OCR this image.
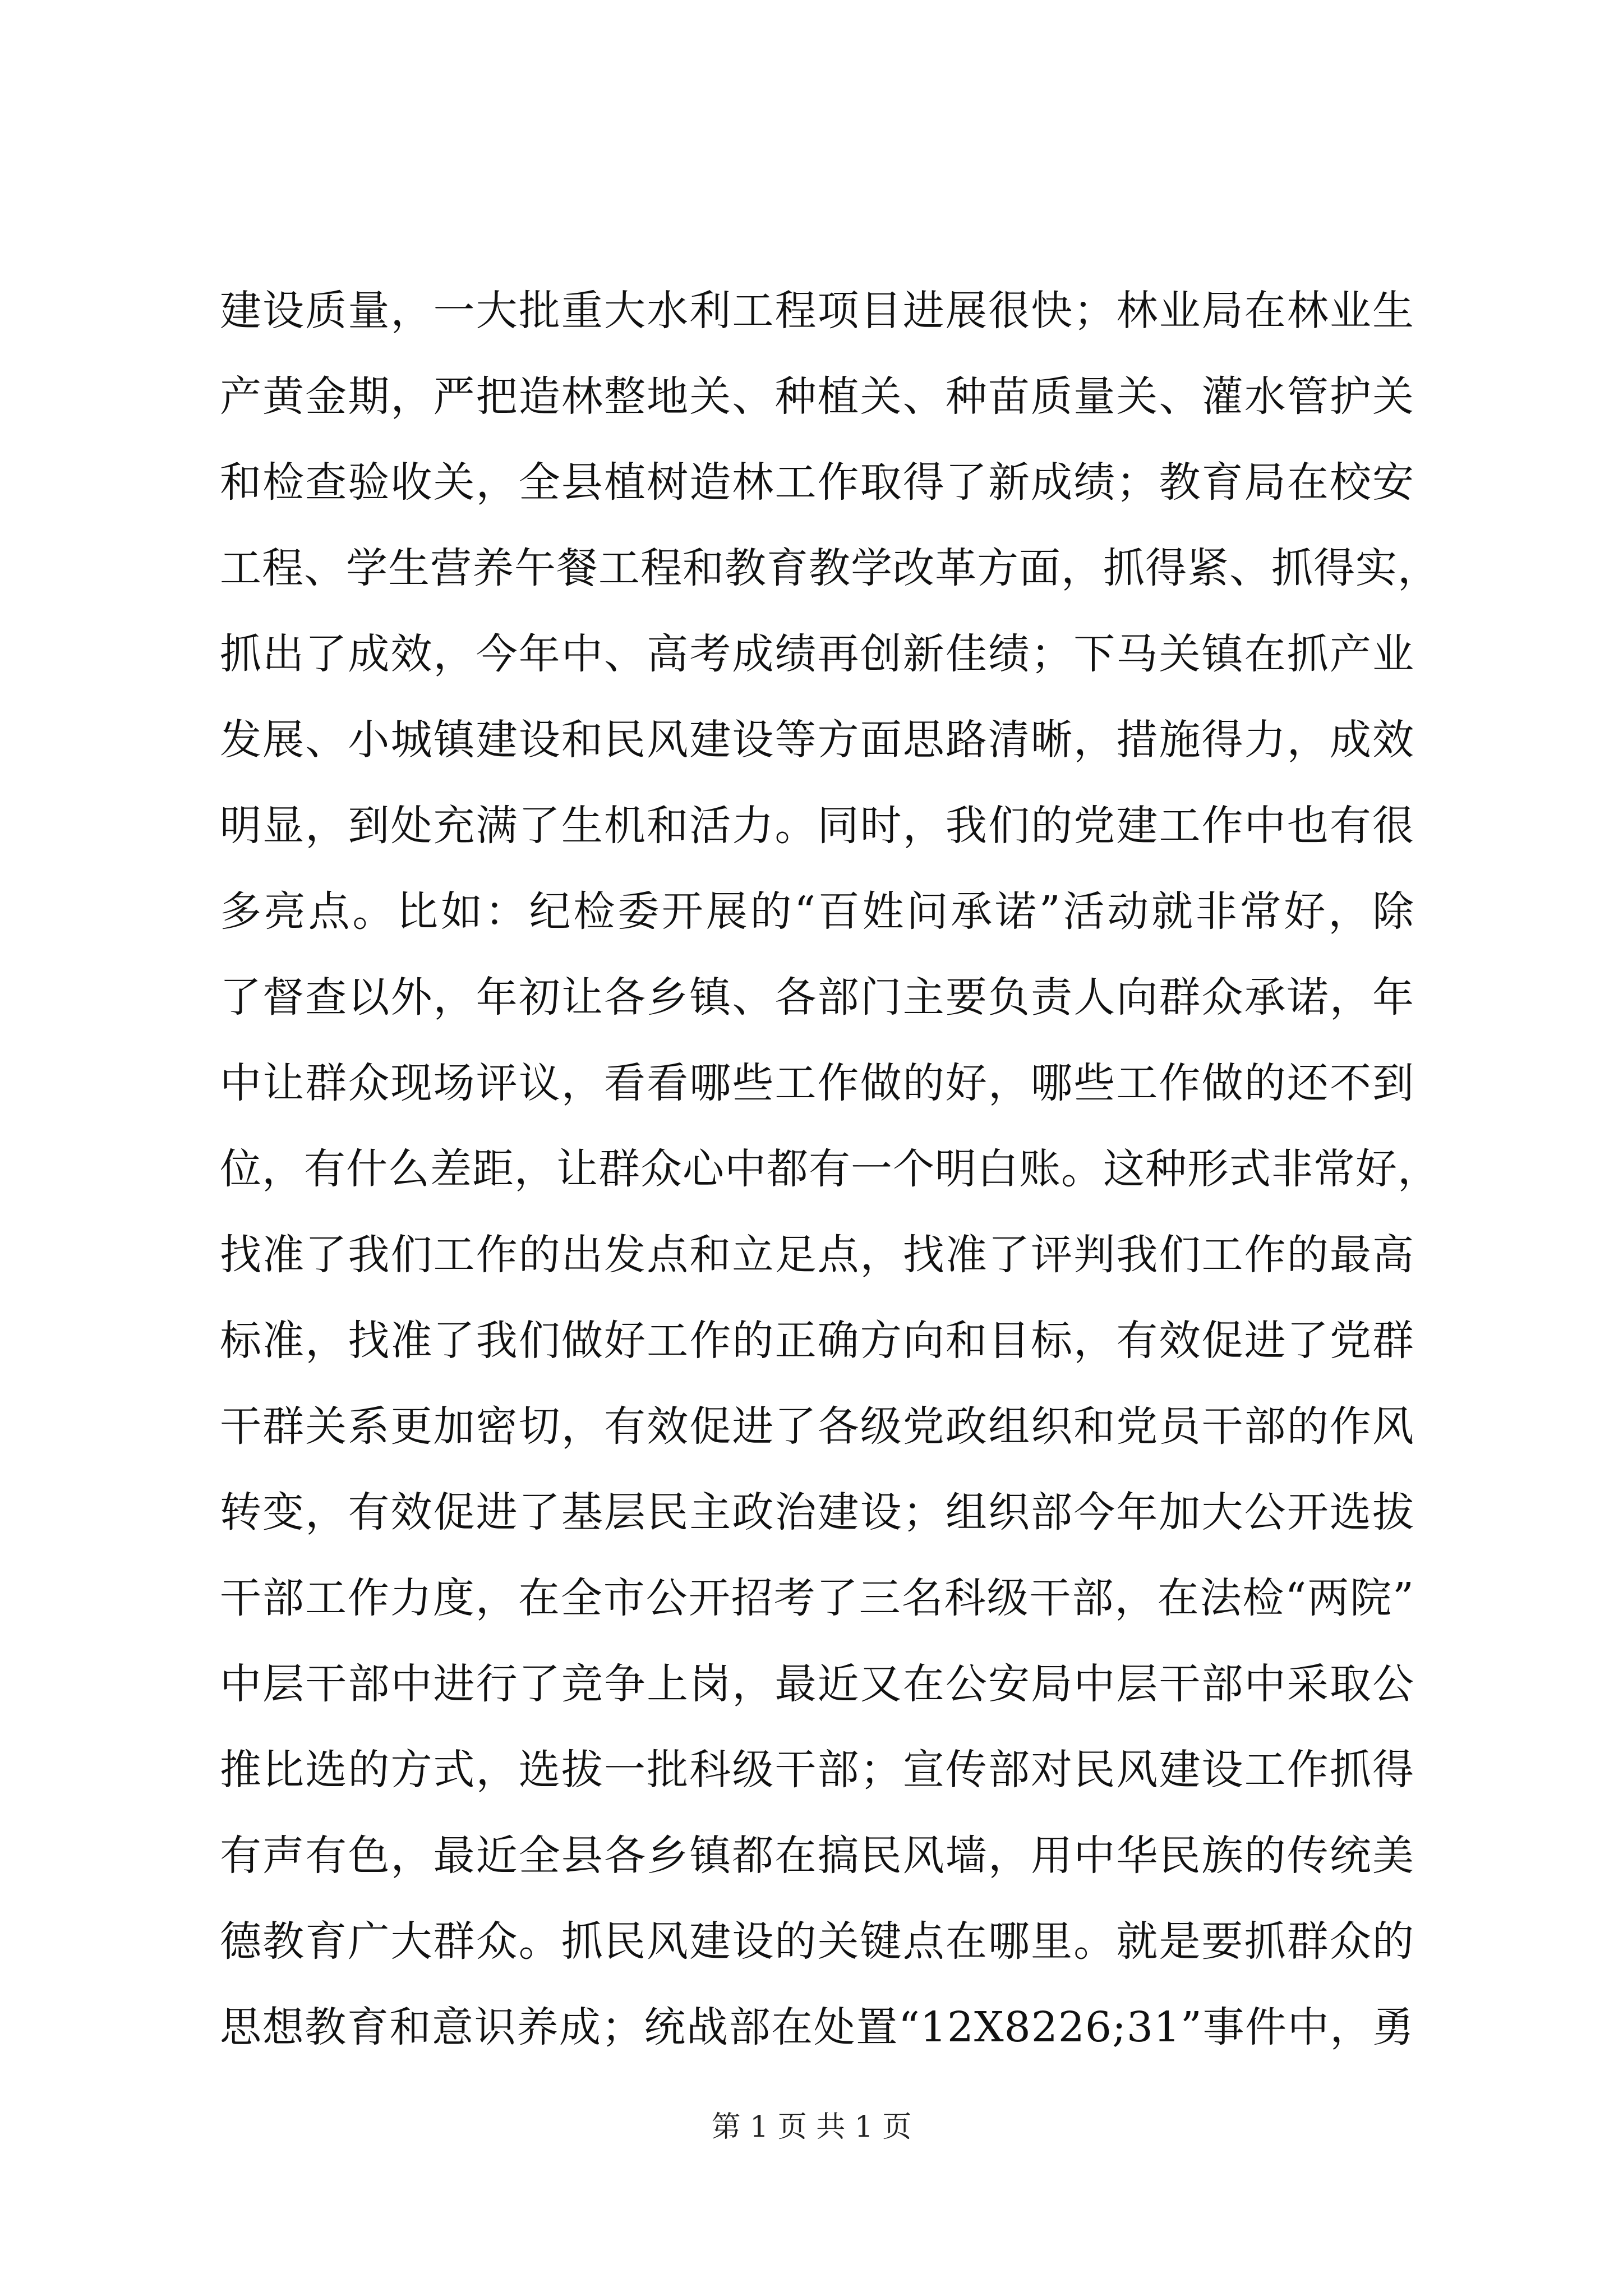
建设质量，一大批重大水利工程项目进展很快；林业局在林业生
产黄金期，严把造林整地关、种植关、种苗质量关、灌水管护关
和检查验收关，全县植树造林工作取得了新成绩；教育局在校安
工程、学生营养午餐工程和教育教学改革方面，抓得紧、抓得实，
抓出了成效，今年中、高考成绩再创新佳绩；下马关镇在抓产业
发展、小城镇建设和民风建设等方面思路清晰，措施得力，成效
明显，到处充满了生机和活力。同时，我们的党建工作中也有很
多亮点。比如：纪检委开展的“百姓问承诺”活动就非常好，除
了督查以外，年初让各乡镇、各部门主要负责人向群众承诺，年
中让群众现场评议，看看哪些工作做的好，哪些工作做的还不到
位，有什么差距，让群众心中都有一个明白账。这种形式非常好，
找准了我们工作的出发点和立足点，找准了评判我们工作的最高
标准，找准了我们做好工作的正确方向和目标，有效促进了党群
干群关系更加密切，有效促进了各级党政组织和党员干部的作风
转变，有效促进了基层民主政治建设；组织部今年加大公开选拔
干部工作力度，在全市公开招考了三名科级干部，在法检“两院”
中层干部中进行了竞争上岗，最近又在公安局中层干部中采取公
推比选的方式，选拔一批科级干部；宣传部对民风建设工作抓得
有声有色，最近全县各乡镇都在搞民风墙，用中华民族的传统美
德教育广大群众。抓民风建设的关键点在哪里。就是要抓群众的
思想教育和意识养成；统战部在处置“12X8226;31”事件中，勇
第 1 页 共 1 页
